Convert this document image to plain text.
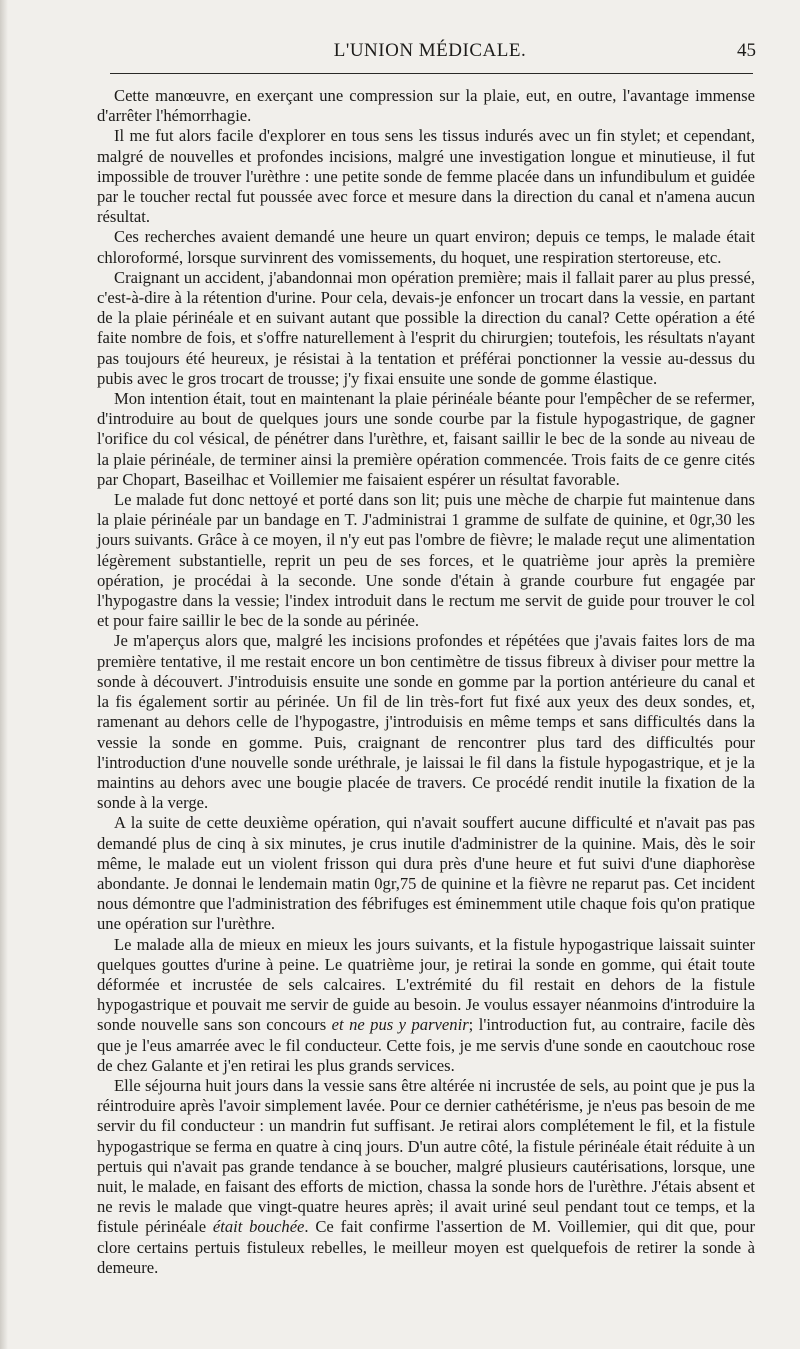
L'UNION MÉDICALE.	45

Cette manœuvre, en exerçant une compression sur la plaie, eut, en outre, l'avantage immense d'arrêter l'hémorrhagie.

Il me fut alors facile d'explorer en tous sens les tissus indurés avec un fin stylet; et cependant, malgré de nouvelles et profondes incisions, malgré une investigation longue et minutieuse, il fut impossible de trouver l'urèthre : une petite sonde de femme placée dans un infundibulum et guidée par le toucher rectal fut poussée avec force et mesure dans la direction du canal et n'amena aucun résultat.

Ces recherches avaient demandé une heure un quart environ; depuis ce temps, le malade était chloroformé, lorsque survinrent des vomissements, du hoquet, une respiration stertoreuse, etc.

Craignant un accident, j'abandonnai mon opération première; mais il fallait parer au plus pressé, c'est-à-dire à la rétention d'urine. Pour cela, devais-je enfoncer un trocart dans la vessie, en partant de la plaie périnéale et en suivant autant que possible la direction du canal? Cette opération a été faite nombre de fois, et s'offre naturellement à l'esprit du chirurgien; toutefois, les résultats n'ayant pas toujours été heureux, je résistai à la tentation et préférai ponctionner la vessie au-dessus du pubis avec le gros trocart de trousse; j'y fixai ensuite une sonde de gomme élastique.

Mon intention était, tout en maintenant la plaie périnéale béante pour l'empêcher de se refermer, d'introduire au bout de quelques jours une sonde courbe par la fistule hypogastrique, de gagner l'orifice du col vésical, de pénétrer dans l'urèthre, et, faisant saillir le bec de la sonde au niveau de la plaie périnéale, de terminer ainsi la première opération commencée. Trois faits de ce genre cités par Chopart, Baseilhac et Voillemier me faisaient espérer un résultat favorable.

Le malade fut donc nettoyé et porté dans son lit; puis une mèche de charpie fut maintenue dans la plaie périnéale par un bandage en T. J'administrai 1 gramme de sulfate de quinine, et 0gr,30 les jours suivants. Grâce à ce moyen, il n'y eut pas l'ombre de fièvre; le malade reçut une alimentation légèrement substantielle, reprit un peu de ses forces, et le quatrième jour après la première opération, je procédai à la seconde. Une sonde d'étain à grande courbure fut engagée par l'hypogastre dans la vessie; l'index introduit dans le rectum me servit de guide pour trouver le col et pour faire saillir le bec de la sonde au périnée.

Je m'aperçus alors que, malgré les incisions profondes et répétées que j'avais faites lors de ma première tentative, il me restait encore un bon centimètre de tissus fibreux à diviser pour mettre la sonde à découvert. J'introduisis ensuite une sonde en gomme par la portion antérieure du canal et la fis également sortir au périnée. Un fil de lin très-fort fut fixé aux yeux des deux sondes, et, ramenant au dehors celle de l'hypogastre, j'introduisis en même temps et sans difficultés dans la vessie la sonde en gomme. Puis, craignant de rencontrer plus tard des difficultés pour l'introduction d'une nouvelle sonde uréthrale, je laissai le fil dans la fistule hypogastrique, et je la maintins au dehors avec une bougie placée de travers. Ce procédé rendit inutile la fixation de la sonde à la verge.

A la suite de cette deuxième opération, qui n'avait souffert aucune difficulté et n'avait pas pas demandé plus de cinq à six minutes, je crus inutile d'administrer de la quinine. Mais, dès le soir même, le malade eut un violent frisson qui dura près d'une heure et fut suivi d'une diaphorèse abondante. Je donnai le lendemain matin 0gr,75 de quinine et la fièvre ne reparut pas. Cet incident nous démontre que l'administration des fébrifuges est éminemment utile chaque fois qu'on pratique une opération sur l'urèthre.

Le malade alla de mieux en mieux les jours suivants, et la fistule hypogastrique laissait suinter quelques gouttes d'urine à peine. Le quatrième jour, je retirai la sonde en gomme, qui était toute déformée et incrustée de sels calcaires. L'extrémité du fil restait en dehors de la fistule hypogastrique et pouvait me servir de guide au besoin. Je voulus essayer néanmoins d'introduire la sonde nouvelle sans son concours et ne pus y parvenir; l'introduction fut, au contraire, facile dès que je l'eus amarrée avec le fil conducteur. Cette fois, je me servis d'une sonde en caoutchouc rose de chez Galante et j'en retirai les plus grands services.

Elle séjourna huit jours dans la vessie sans être altérée ni incrustée de sels, au point que je pus la réintroduire après l'avoir simplement lavée. Pour ce dernier cathétérisme, je n'eus pas besoin de me servir du fil conducteur : un mandrin fut suffisant. Je retirai alors complétement le fil, et la fistule hypogastrique se ferma en quatre à cinq jours. D'un autre côté, la fistule périnéale était réduite à un pertuis qui n'avait pas grande tendance à se boucher, malgré plusieurs cautérisations, lorsque, une nuit, le malade, en faisant des efforts de miction, chassa la sonde hors de l'urèthre. J'étais absent et ne revis le malade que vingt-quatre heures après; il avait uriné seul pendant tout ce temps, et la fistule périnéale était bouchée. Ce fait confirme l'assertion de M. Voillemier, qui dit que, pour clore certains pertuis fistuleux rebelles, le meilleur moyen est quelquefois de retirer la sonde à demeure.
